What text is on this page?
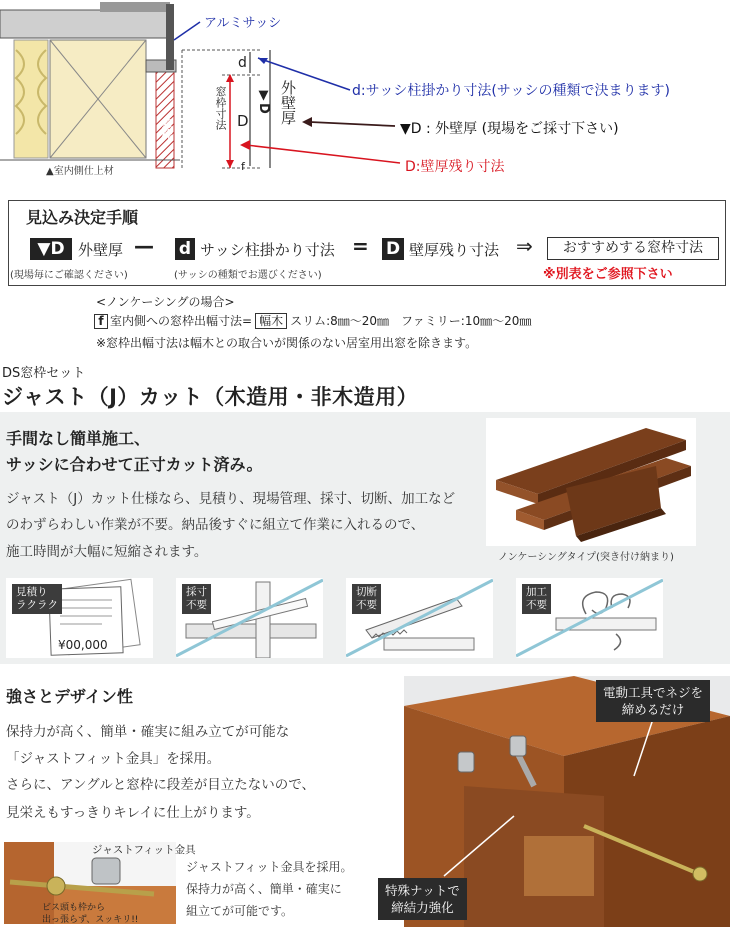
アルミサッシ
窓枠
▲室内側仕上材
d
D
f
▼D
窓枠寸法	外壁厚	d:サッシ柱掛かり寸法(サッシの種類で決まります)
▼D : 外壁厚 (現場をご採寸下さい)
D:壁厚残り寸法
見込み決定手順
▼D 外壁厚
(現場毎にご確認ください)
— d サッシ柱掛かり寸法
(サッシの種類でお選びください)
= D 壁厚残り寸法 ⇒	おすすめする窓枠寸法
※別表をご参照下さい
<ノンケーシングの場合>
f 室内側への窓枠出幅寸法= 幅木 スリム:8㎜〜20㎜　ファミリー:10㎜〜20㎜
※窓枠出幅寸法は幅木との取合いが関係のない居室用出窓を除きます。
DS窓枠セット
ジャスト（J）カット（木造用・非木造用）
手間なし簡単施工、
サッシに合わせて正寸カット済み。
ジャスト（J）カット仕様なら、見積り、現場管理、採寸、切断、加工など
のわずらわしい作業が不要。納品後すぐに組立て作業に入れるので、
施工時間が大幅に短縮されます。	ノンケーシングタイプ(突き付け納まり)
見積り
ラクラク
¥00,000
採寸
不要
切断
不要
加工
不要
強さとデザイン性
保持力が高く、簡単・確実に組み立てが可能な
「ジャストフィット金具」を採用。
さらに、アングルと窓枠に段差が目立たないので、
見栄えもすっきりキレイに仕上がります。
ジャストフィット金具
ビス頭も枠から
出っ張らず、スッキリ!!
ジャストフィット金具を採用。
保持力が高く、簡単・確実に
組立てが可能です。
電動工具でネジを
締めるだけ
特殊ナットで
締結力強化
